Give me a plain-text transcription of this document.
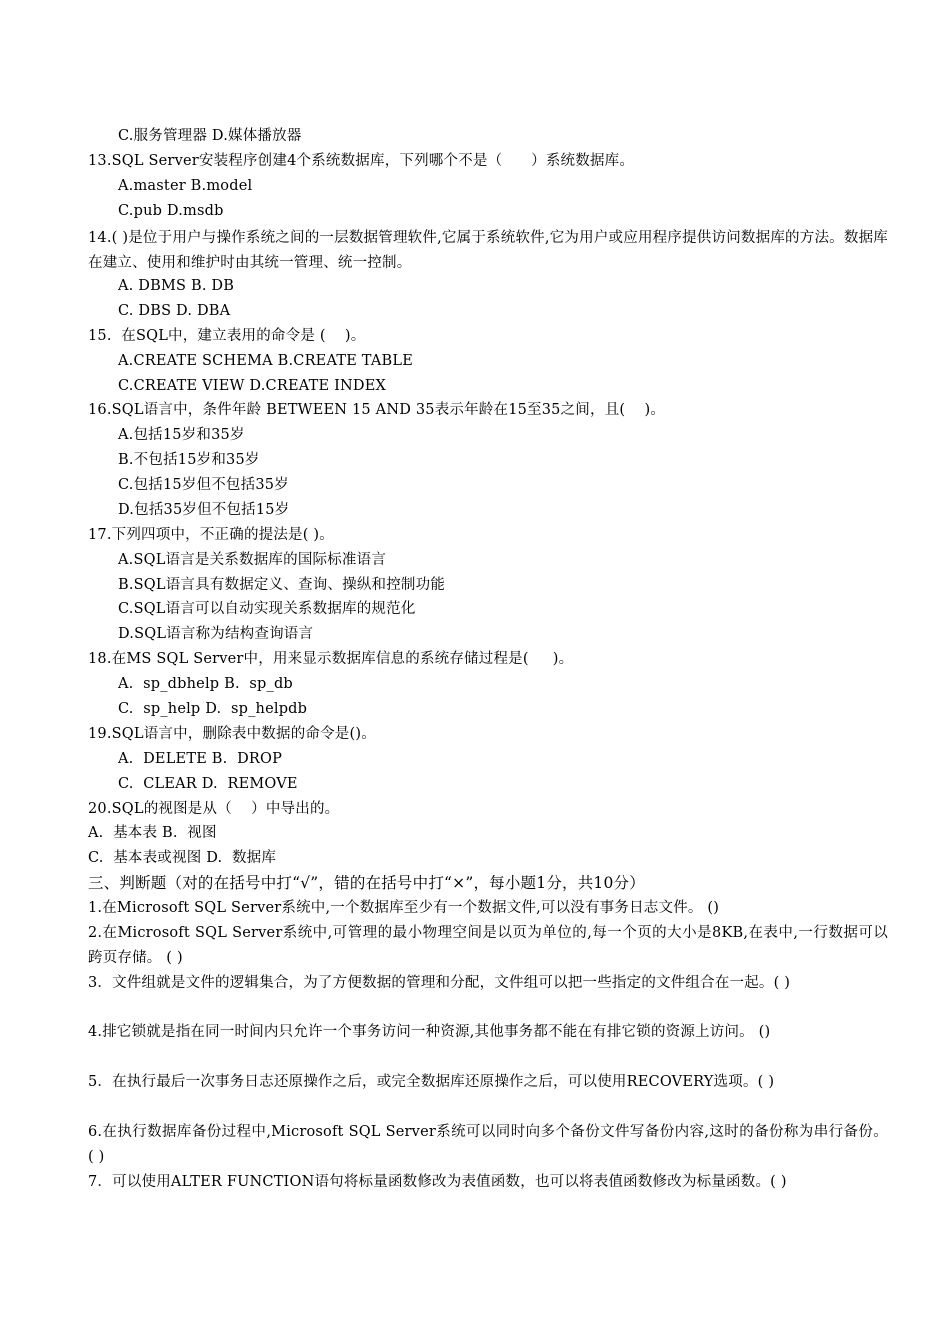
C.服务管理器 D.媒体播放器
13.SQL Server安装程序创建4个系统数据库，下列哪个不是（      ）系统数据库。
A.master B.model
C.pub D.msdb
14.( )是位于用户与操作系统之间的一层数据管理软件,它属于系统软件,它为用户或应用程序提供访问数据库的方法。数据库在建立、使用和维护时由其统一管理、统一控制。
A. DBMS B. DB
C. DBS D. DBA
15.  在SQL中，建立表用的命令是 (    )。
A.CREATE SCHEMA B.CREATE TABLE
C.CREATE VIEW D.CREATE INDEX
16.SQL语言中，条件年龄 BETWEEN 15 AND 35表示年龄在15至35之间，且(    )。
A.包括15岁和35岁
B.不包括15岁和35岁
C.包括15岁但不包括35岁
D.包括35岁但不包括15岁
17.下列四项中，不正确的提法是( )。
A.SQL语言是关系数据库的国际标准语言
B.SQL语言具有数据定义、查询、操纵和控制功能
C.SQL语言可以自动实现关系数据库的规范化
D.SQL语言称为结构查询语言
18.在MS SQL Server中，用来显示数据库信息的系统存储过程是(     )。
A.  sp_dbhelp B.  sp_db
C.  sp_help D.  sp_helpdb
19.SQL语言中，删除表中数据的命令是()。
A.  DELETE B.  DROP
C.  CLEAR D.  REMOVE
20.SQL的视图是从（    ）中导出的。
A.  基本表 B.  视图
C.  基本表或视图 D.  数据库
三、判断题（对的在括号中打“√”，错的在括号中打“×”，每小题1分，共10分）
1.在Microsoft SQL Server系统中,一个数据库至少有一个数据文件,可以没有事务日志文件。 ()
2.在Microsoft SQL Server系统中,可管理的最小物理空间是以页为单位的,每一个页的大小是8KB,在表中,一行数据可以跨页存储。 ( )
3．文件组就是文件的逻辑集合，为了方便数据的管理和分配，文件组可以把一些指定的文件组合在一起。( )
4.排它锁就是指在同一时间内只允许一个事务访问一种资源,其他事务都不能在有排它锁的资源上访问。 ()
5．在执行最后一次事务日志还原操作之后，或完全数据库还原操作之后，可以使用RECOVERY选项。( )
6.在执行数据库备份过程中,Microsoft SQL Server系统可以同时向多个备份文件写备份内容,这时的备份称为串行备份。 ( )
7．可以使用ALTER FUNCTION语句将标量函数修改为表值函数，也可以将表值函数修改为标量函数。( )
